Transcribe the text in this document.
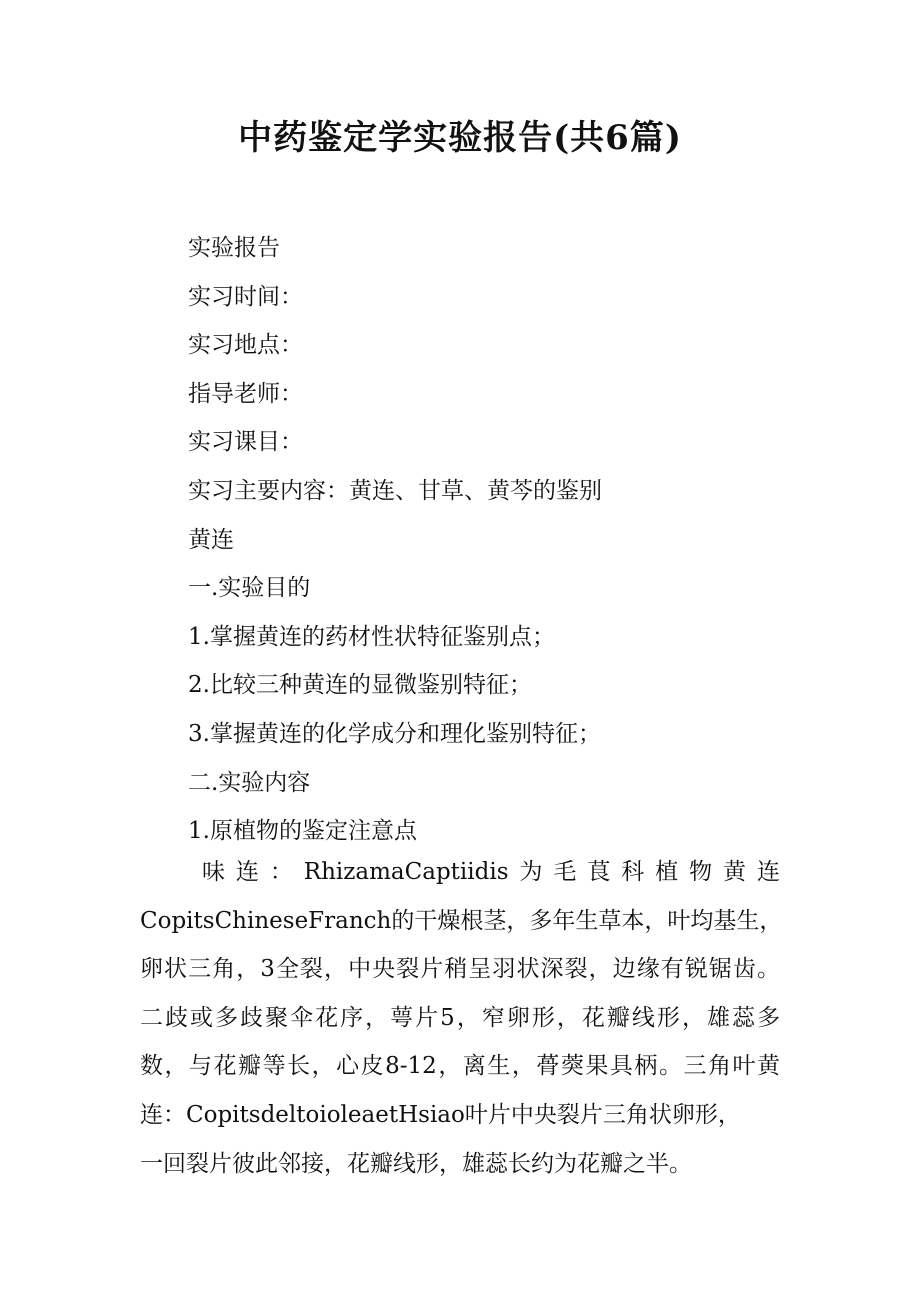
中药鉴定学实验报告(共6篇)
实验报告
实习时间：
实习地点：
指导老师：
实习课目：
实习主要内容：黄连、甘草、黄芩的鉴别
黄连
一.实验目的
1.掌握黄连的药材性状特征鉴别点；
2.比较三种黄连的显微鉴别特征；
3.掌握黄连的化学成分和理化鉴别特征；
二.实验内容
1.原植物的鉴定注意点
味连：RhizamaCaptiidis为毛茛科植物黄连
CopitsChineseFranch的干燥根茎，多年生草本，叶均基生，
卵状三角，3全裂，中央裂片稍呈羽状深裂，边缘有锐锯齿。
二歧或多歧聚伞花序，萼片5，窄卵形，花瓣线形，雄蕊多
数，与花瓣等长，心皮8-12，离生，蓇葖果具柄。三角叶黄
连：CopitsdeltoioleaetHsiao叶片中央裂片三角状卵形，
一回裂片彼此邻接，花瓣线形，雄蕊长约为花瓣之半。
